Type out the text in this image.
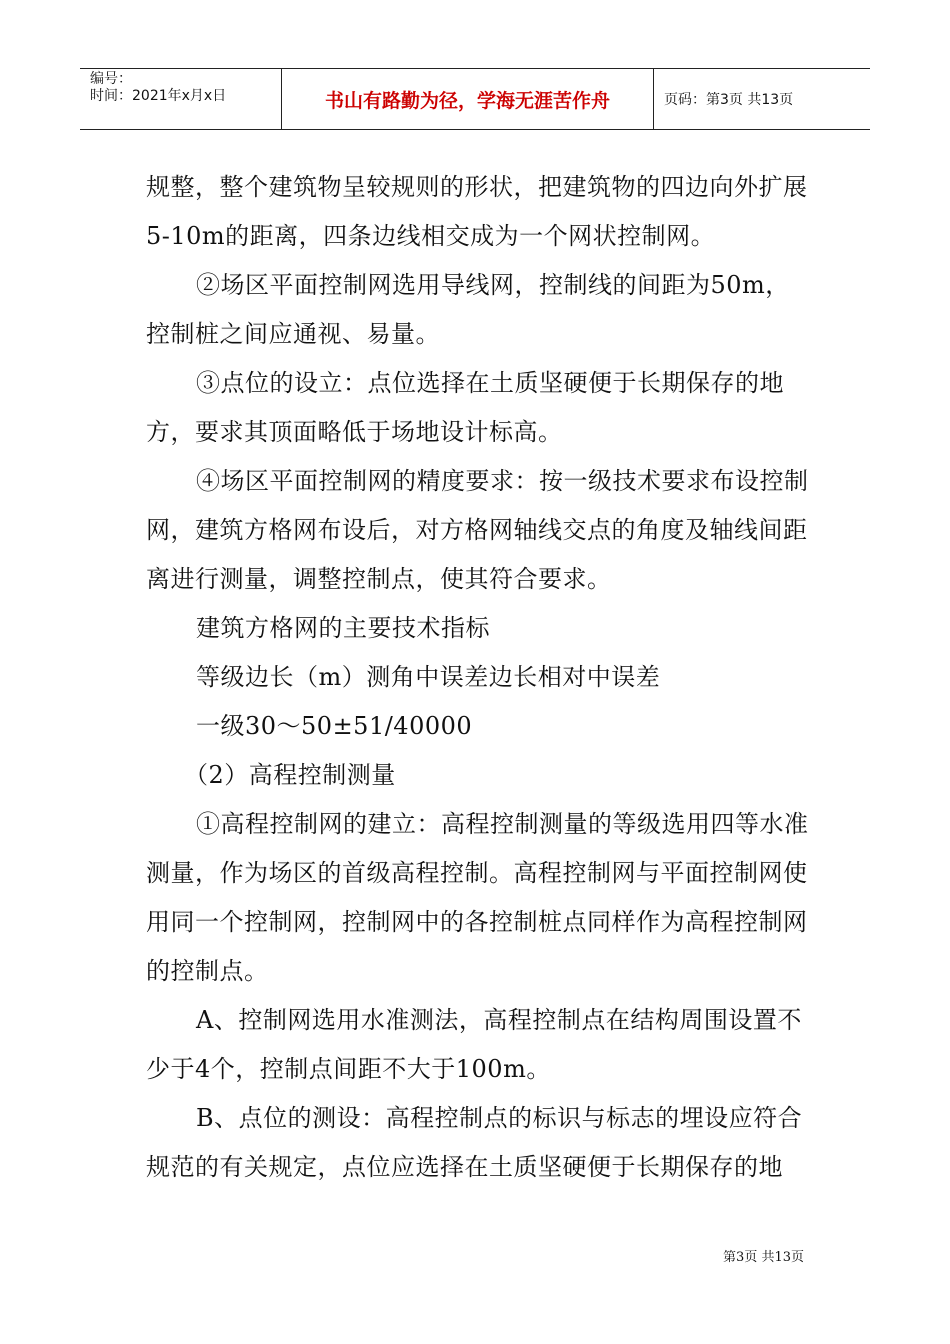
编号：
时间：2021年x月x日	书山有路勤为径，学海无涯苦作舟	页码：第3页 共13页

规整，整个建筑物呈较规则的形状，把建筑物的四边向外扩展5-10m的距离，四条边线相交成为一个网状控制网。

②场区平面控制网选用导线网，控制线的间距为50m，控制桩之间应通视、易量。

③点位的设立：点位选择在土质坚硬便于长期保存的地方，要求其顶面略低于场地设计标高。

④场区平面控制网的精度要求：按一级技术要求布设控制网，建筑方格网布设后，对方格网轴线交点的角度及轴线间距离进行测量，调整控制点，使其符合要求。

建筑方格网的主要技术指标

等级边长（m）测角中误差边长相对中误差

一级30～50±51/40000

（2）高程控制测量

①高程控制网的建立：高程控制测量的等级选用四等水准测量，作为场区的首级高程控制。高程控制网与平面控制网使用同一个控制网，控制网中的各控制桩点同样作为高程控制网的控制点。

A、控制网选用水准测法，高程控制点在结构周围设置不少于4个，控制点间距不大于100m。

B、点位的测设：高程控制点的标识与标志的埋设应符合规范的有关规定，点位应选择在土质坚硬便于长期保存的地

第3页 共13页
